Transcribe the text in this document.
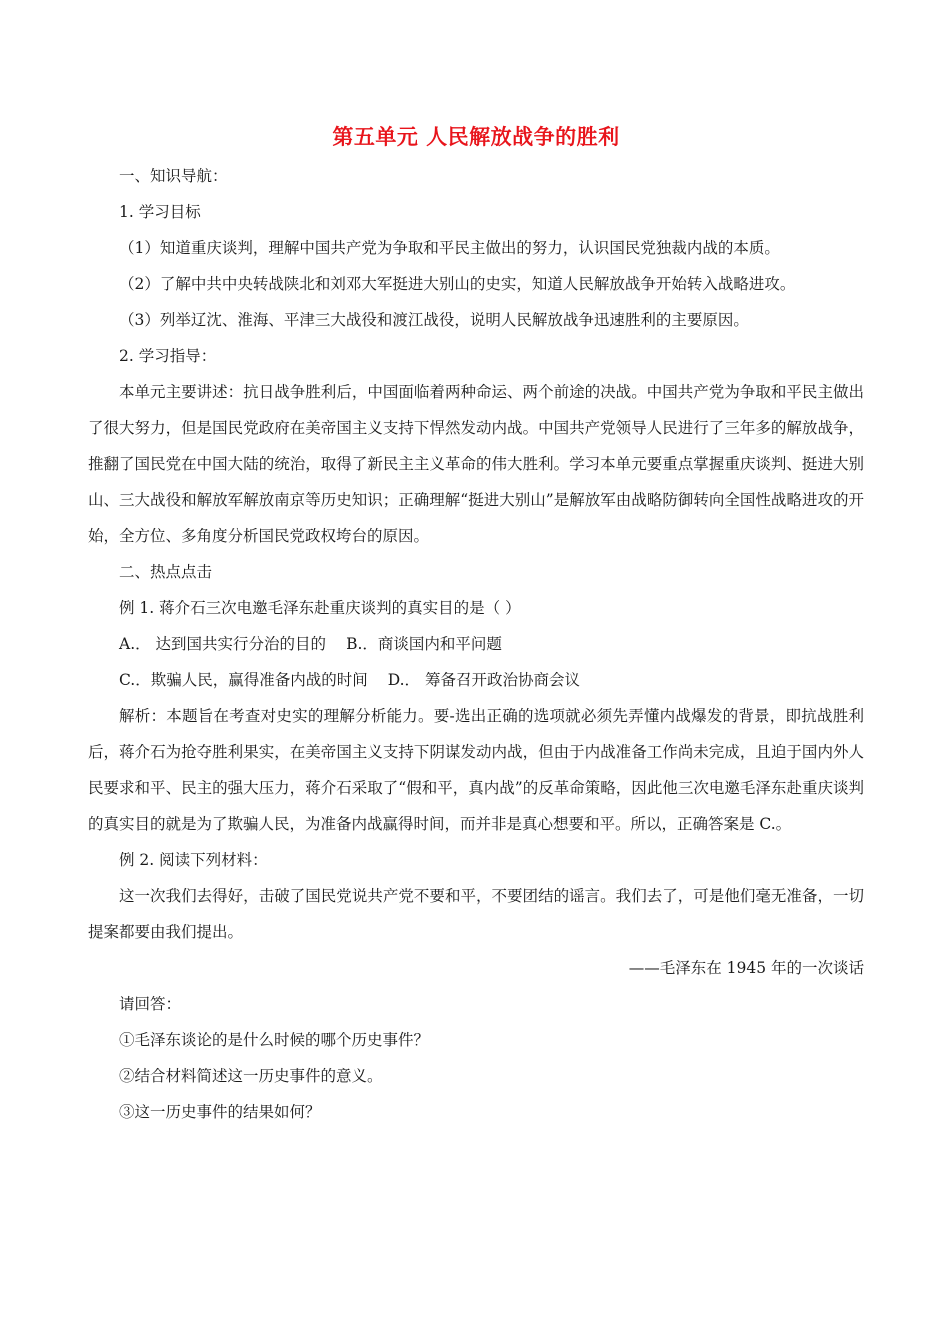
第五单元 人民解放战争的胜利
一、知识导航：
1. 学习目标
（1）知道重庆谈判，理解中国共产党为争取和平民主做出的努力，认识国民党独裁内战的本质。
（2）了解中共中央转战陕北和刘邓大军挺进大别山的史实，知道人民解放战争开始转入战略进攻。
（3）列举辽沈、淮海、平津三大战役和渡江战役，说明人民解放战争迅速胜利的主要原因。
2. 学习指导：

本单元主要讲述：抗日战争胜利后，中国面临着两种命运、两个前途的决战。中国共产党为争取和平民主做出了很大努力，但是国民党政府在美帝国主义支持下悍然发动内战。中国共产党领导人民进行了三年多的解放战争，推翻了国民党在中国大陆的统治，取得了新民主主义革命的伟大胜利。学习本单元要重点掌握重庆谈判、挺进大别山、三大战役和解放军解放南京等历史知识；正确理解“挺进大别山”是解放军由战略防御转向全国性战略进攻的开始，全方位、多角度分析国民党政权垮台的原因。

二、热点点击
例 1. 蒋介石三次电邀毛泽东赴重庆谈判的真实目的是（ ）
A.． 达到国共实行分治的目的 B.．商谈国内和平问题
C.．欺骗人民，赢得准备内战的时间 D.． 筹备召开政治协商会议

解析：本题旨在考查对史实的理解分析能力。要-选出正确的选项就必须先弄懂内战爆发的背景，即抗战胜利后，蒋介石为抢夺胜利果实，在美帝国主义支持下阴谋发动内战，但由于内战准备工作尚未完成，且迫于国内外人民要求和平、民主的强大压力，蒋介石采取了“假和平，真内战”的反革命策略，因此他三次电邀毛泽东赴重庆谈判的真实目的就是为了欺骗人民，为准备内战赢得时间，而并非是真心想要和平。所以，正确答案是 C.。

例 2. 阅读下列材料：

这一次我们去得好，击破了国民党说共产党不要和平，不要团结的谣言。我们去了，可是他们毫无准备，一切提案都要由我们提出。

——毛泽东在 1945 年的一次谈话
请回答：
①毛泽东谈论的是什么时候的哪个历史事件？
②结合材料简述这一历史事件的意义。
③这一历史事件的结果如何？
